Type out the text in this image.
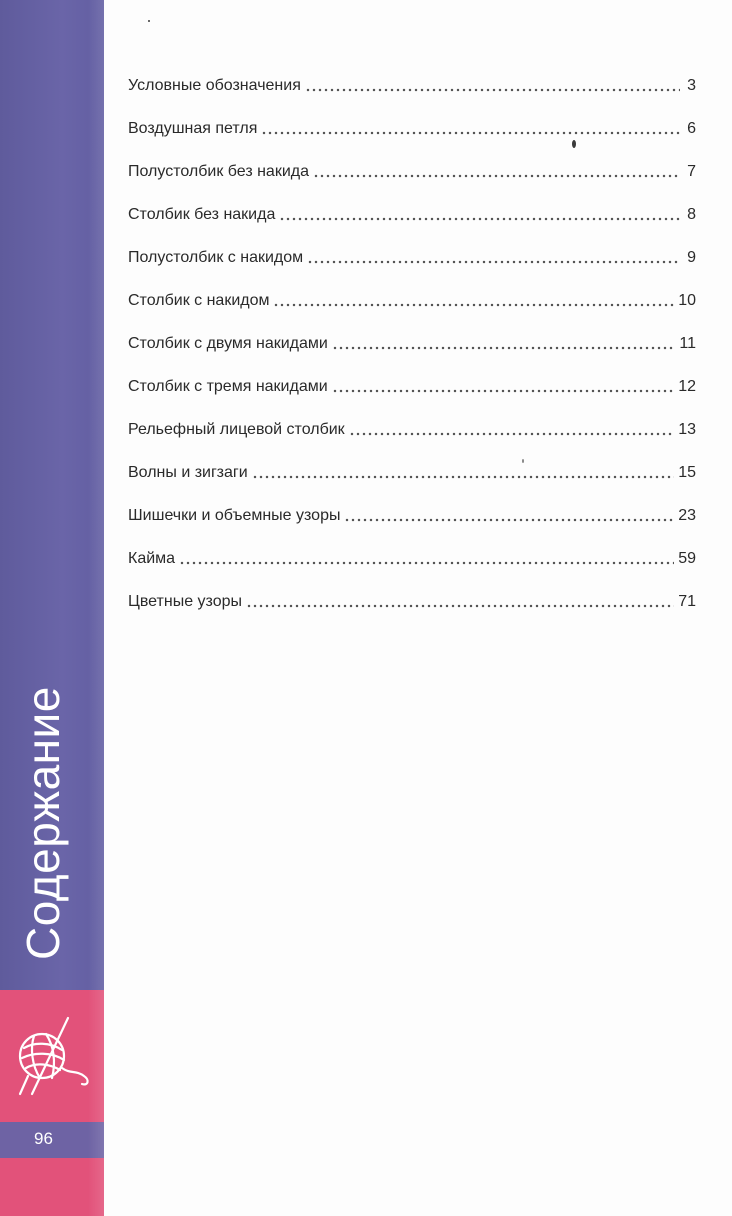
Содержание
96
Условные обозначения	3
Воздушная петля	6
Полустолбик без накида	7
Столбик без накида	8
Полустолбик с накидом	9
Столбик с накидом	10
Столбик с двумя накидами	11
Столбик с тремя накидами	12
Рельефный лицевой столбик	13
Волны и зигзаги	15
Шишечки и объемные узоры	23
Кайма	59
Цветные узоры	71
